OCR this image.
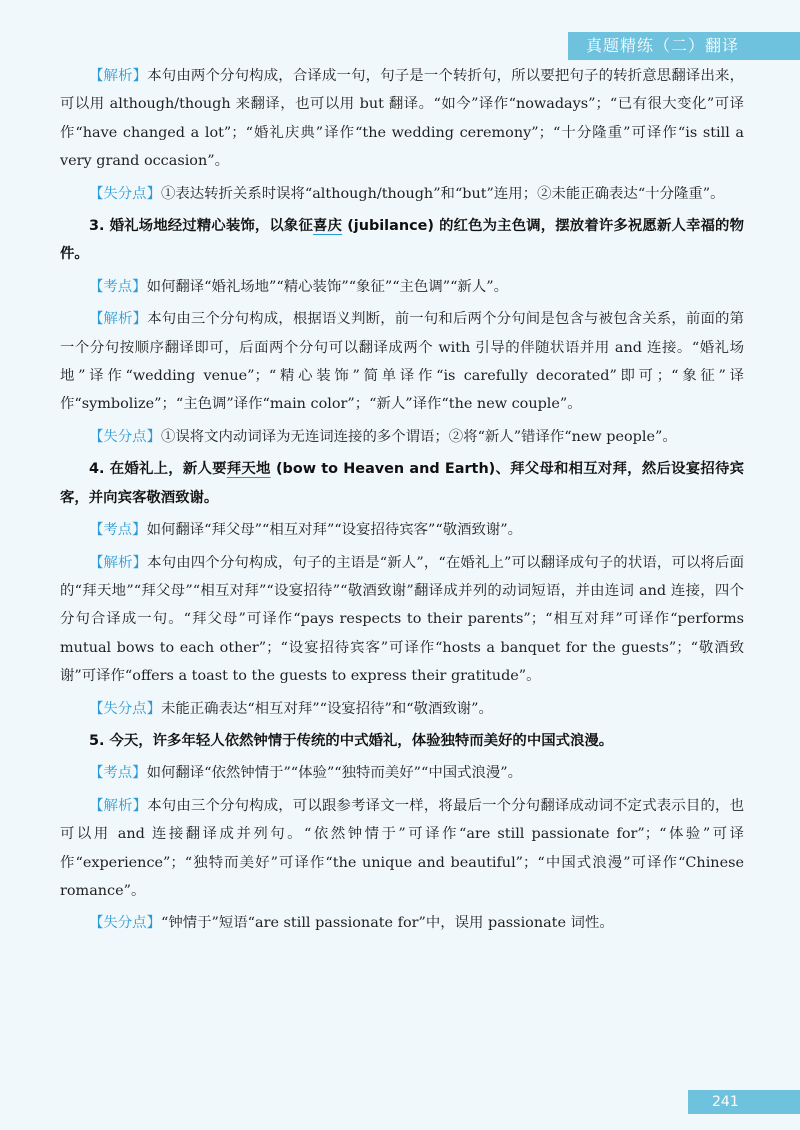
真题精练（二）翻译

【解析】本句由两个分句构成，合译成一句，句子是一个转折句，所以要把句子的转折意思翻译出来，可以用 although/though 来翻译，也可以用 but 翻译。“如今”译作“nowadays”；“已有很大变化”可译作“have changed a lot”；“婚礼庆典”译作“the wedding ceremony”；“十分隆重”可译作“is still a very grand occasion”。

【失分点】①表达转折关系时误将“although/though”和“but”连用；②未能正确表达“十分隆重”。

3. 婚礼场地经过精心装饰，以象征喜庆 (jubilance) 的红色为主色调，摆放着许多祝愿新人幸福的物件。

【考点】如何翻译“婚礼场地”“精心装饰”“象征”“主色调”“新人”。

【解析】本句由三个分句构成，根据语义判断，前一句和后两个分句间是包含与被包含关系，前面的第一个分句按顺序翻译即可，后面两个分句可以翻译成两个 with 引导的伴随状语并用 and 连接。“婚礼场地”译作“wedding venue”；“精心装饰”简单译作“is carefully decorated”即可；“象征”译作“symbolize”；“主色调”译作“main color”；“新人”译作“the new couple”。

【失分点】①误将文内动词译为无连词连接的多个谓语；②将“新人”错译作“new people”。

4. 在婚礼上，新人要拜天地 (bow to Heaven and Earth)、拜父母和相互对拜，然后设宴招待宾客，并向宾客敬酒致谢。

【考点】如何翻译“拜父母”“相互对拜”“设宴招待宾客”“敬酒致谢”。

【解析】本句由四个分句构成，句子的主语是“新人”，“在婚礼上”可以翻译成句子的状语，可以将后面的“拜天地”“拜父母”“相互对拜”“设宴招待”“敬酒致谢”翻译成并列的动词短语，并由连词 and 连接，四个分句合译成一句。“拜父母”可译作“pays respects to their parents”；“相互对拜”可译作“performs mutual bows to each other”；“设宴招待宾客”可译作“hosts a banquet for the guests”；“敬酒致谢”可译作“offers a toast to the guests to express their gratitude”。

【失分点】未能正确表达“相互对拜”“设宴招待”和“敬酒致谢”。

5. 今天，许多年轻人依然钟情于传统的中式婚礼，体验独特而美好的中国式浪漫。

【考点】如何翻译“依然钟情于”“体验”“独特而美好”“中国式浪漫”。

【解析】本句由三个分句构成，可以跟参考译文一样，将最后一个分句翻译成动词不定式表示目的，也可以用 and 连接翻译成并列句。“依然钟情于”可译作“are still passionate for”；“体验”可译作“experience”；“独特而美好”可译作“the unique and beautiful”；“中国式浪漫”可译作“Chinese romance”。

【失分点】“钟情于”短语“are still passionate for”中，误用 passionate 词性。

241
